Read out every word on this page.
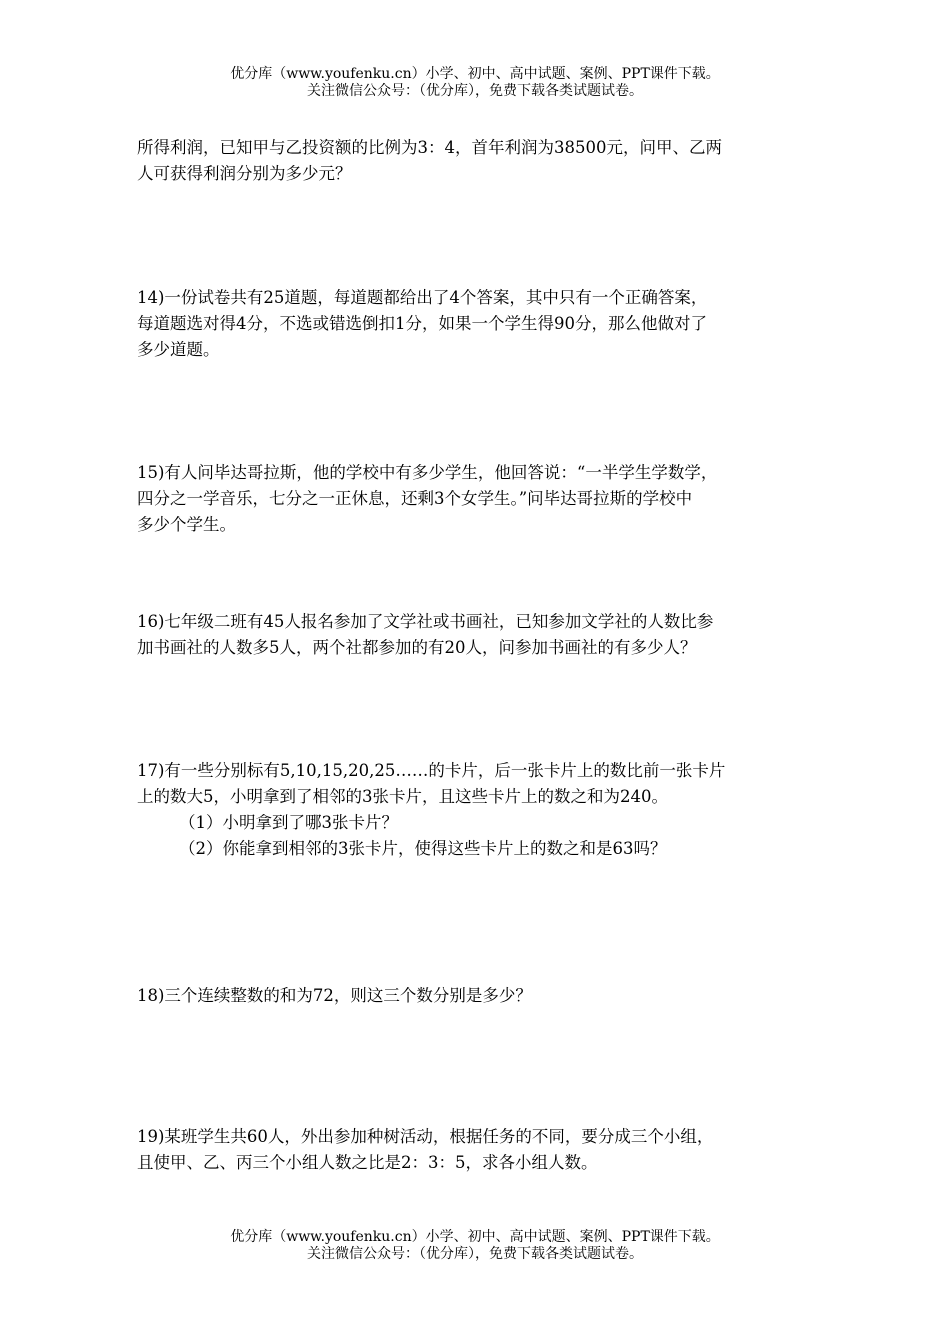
优分库（www.youfenku.cn）小学、初中、高中试题、案例、PPT课件下载。
关注微信公众号：（优分库），免费下载各类试题试卷。

所得利润，已知甲与乙投资额的比例为3：4，首年利润为38500元，问甲、乙两

人可获得利润分别为多少元？

14)一份试卷共有25道题，每道题都给出了4个答案，其中只有一个正确答案，

每道题选对得4分，不选或错选倒扣1分，如果一个学生得90分，那么他做对了

多少道题。

15)有人问毕达哥拉斯，他的学校中有多少学生，他回答说：“一半学生学数学，

四分之一学音乐，七分之一正休息，还剩3个女学生。”问毕达哥拉斯的学校中

多少个学生。

16)七年级二班有45人报名参加了文学社或书画社，已知参加文学社的人数比参

加书画社的人数多5人，两个社都参加的有20人，问参加书画社的有多少人？

17)有一些分别标有5,10,15,20,25……的卡片，后一张卡片上的数比前一张卡片

上的数大5，小明拿到了相邻的3张卡片，且这些卡片上的数之和为240。

（1）小明拿到了哪3张卡片？

（2）你能拿到相邻的3张卡片，使得这些卡片上的数之和是63吗？

18)三个连续整数的和为72，则这三个数分别是多少？

19)某班学生共60人，外出参加种树活动，根据任务的不同，要分成三个小组，

且使甲、乙、丙三个小组人数之比是2：3：5，求各小组人数。

优分库（www.youfenku.cn）小学、初中、高中试题、案例、PPT课件下载。
关注微信公众号：（优分库），免费下载各类试题试卷。
